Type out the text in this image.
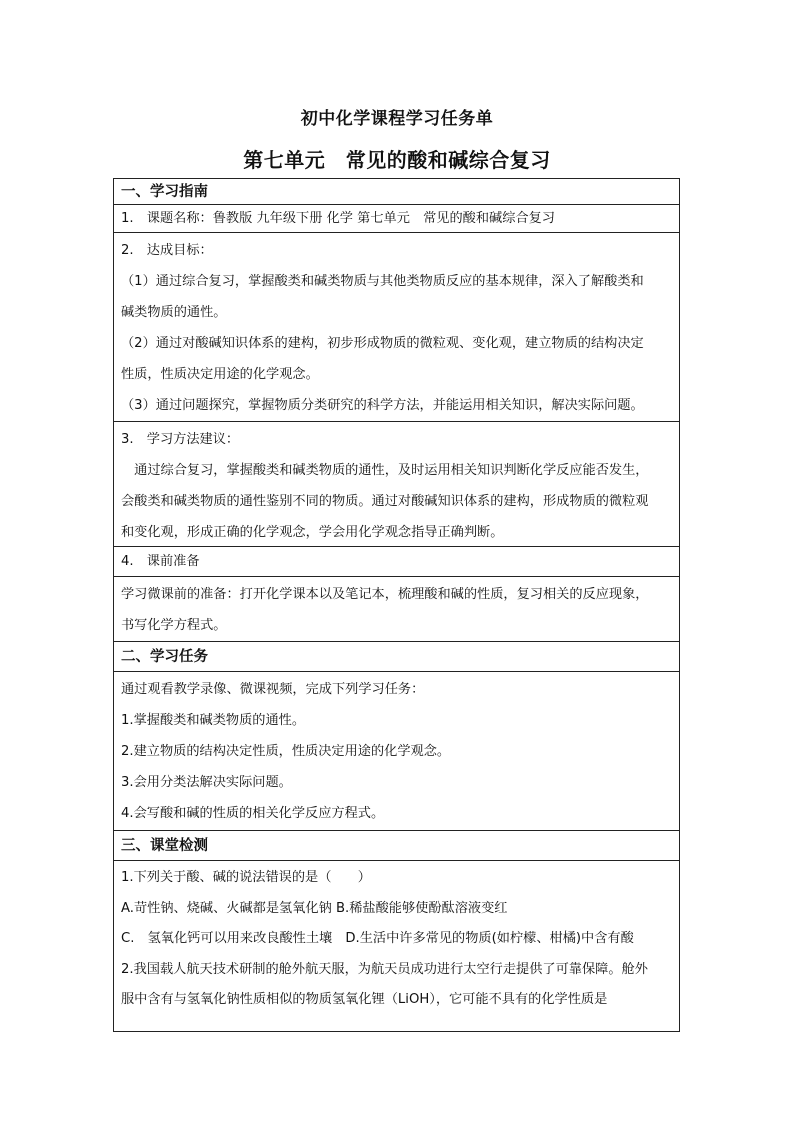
初中化学课程学习任务单
第七单元　常见的酸和碱综合复习
一、学习指南
1.　课题名称：鲁教版 九年级下册 化学 第七单元　常见的酸和碱综合复习
2.　达成目标：
（1）通过综合复习，掌握酸类和碱类物质与其他类物质反应的基本规律，深入了解酸类和
碱类物质的通性。
（2）通过对酸碱知识体系的建构，初步形成物质的微粒观、变化观，建立物质的结构决定
性质，性质决定用途的化学观念。
（3）通过问题探究，掌握物质分类研究的科学方法，并能运用相关知识，解决实际问题。
3.　学习方法建议：
　通过综合复习，掌握酸类和碱类物质的通性，及时运用相关知识判断化学反应能否发生，
会酸类和碱类物质的通性鉴别不同的物质。通过对酸碱知识体系的建构，形成物质的微粒观
和变化观，形成正确的化学观念，学会用化学观念指导正确判断。
4.　课前准备
学习微课前的准备：打开化学课本以及笔记本，梳理酸和碱的性质，复习相关的反应现象，
书写化学方程式。
二、学习任务
通过观看教学录像、微课视频，完成下列学习任务：
1.掌握酸类和碱类物质的通性。
2.建立物质的结构决定性质，性质决定用途的化学观念。
3.会用分类法解决实际问题。
4.会写酸和碱的性质的相关化学反应方程式。
三、课堂检测
1.下列关于酸、碱的说法错误的是（　　）
A.苛性钠、烧碱、火碱都是氢氧化钠 B.稀盐酸能够使酚酞溶液变红
C.　氢氧化钙可以用来改良酸性土壤　D.生活中许多常见的物质(如柠檬、柑橘)中含有酸
2.我国载人航天技术研制的舱外航天服，为航天员成功进行太空行走提供了可靠保障。舱外
服中含有与氢氧化钠性质相似的物质氢氧化锂（LiOH），它可能不具有的化学性质是
